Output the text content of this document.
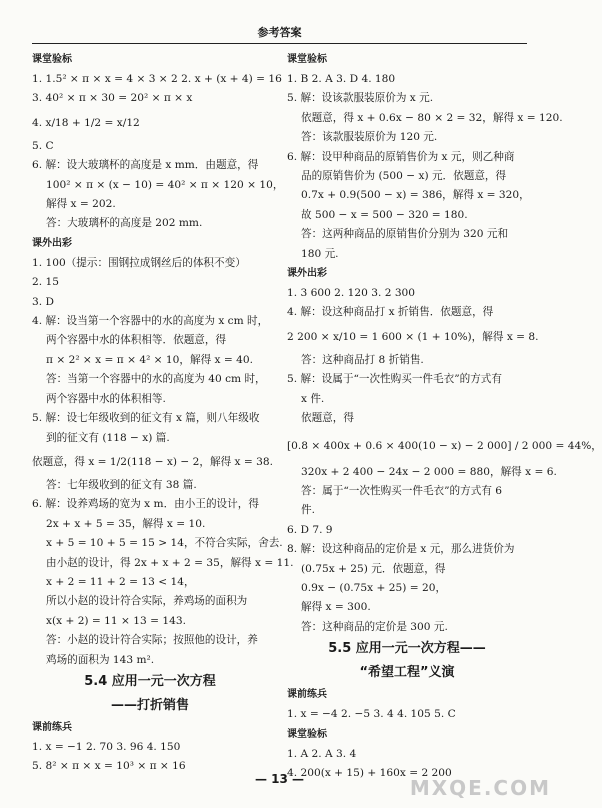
参考答案
课堂验标
1. 1.5² × π × x = 4 × 3 × 2 2. x + (x + 4) = 16
3. 40² × π × 30 = 20² × π × x
4. x/18 + 1/2 = x/12
5. C
6. 解：设大玻璃杯的高度是 x mm．由题意，得
100² × π × (x − 10) = 40² × π × 120 × 10，
解得 x = 202.
答：大玻璃杯的高度是 202 mm.
课外出彩
1. 100（提示：围钢拉成钢丝后的体积不变）
2. 15
3. D
4. 解：设当第一个容器中的水的高度为 x cm 时，
两个容器中水的体积相等．依题意，得
π × 2² × x = π × 4² × 10，解得 x = 40.
答：当第一个容器中的水的高度为 40 cm 时，
两个容器中水的体积相等.
5. 解：设七年级收到的征文有 x 篇，则八年级收
到的征文有 (118 − x) 篇.
依题意，得 x = 1/2(118 − x) − 2，解得 x = 38.
答：七年级收到的征文有 38 篇.
6. 解：设养鸡场的宽为 x m．由小王的设计，得
2x + x + 5 = 35，解得 x = 10.
x + 5 = 10 + 5 = 15 > 14，不符合实际，舍去.
由小赵的设计，得 2x + x + 2 = 35，解得 x = 11.
x + 2 = 11 + 2 = 13 < 14，
所以小赵的设计符合实际，养鸡场的面积为
x(x + 2) = 11 × 13 = 143.
答：小赵的设计符合实际；按照他的设计，养
鸡场的面积为 143 m².
5.4 应用一元一次方程
——打折销售
课前练兵
1. x = −1 2. 70 3. 96 4. 150
5. 8² × π × x = 10³ × π × 16
课堂验标
1. B 2. A 3. D 4. 180
5. 解：设该款服装原价为 x 元.
依题意，得 x + 0.6x − 80 × 2 = 32，解得 x = 120.
答：该款服装原价为 120 元.
6. 解：设甲种商品的原销售价为 x 元，则乙种商
品的原销售价为 (500 − x) 元．依题意，得
0.7x + 0.9(500 − x) = 386，解得 x = 320，
故 500 − x = 500 − 320 = 180.
答：这两种商品的原销售价分别为 320 元和
180 元.
课外出彩
1. 3 600 2. 120 3. 2 300
4. 解：设这种商品打 x 折销售．依题意，得
2 200 × x/10 = 1 600 × (1 + 10%)，解得 x = 8.
答：这种商品打 8 折销售.
5. 解：设属于“一次性购买一件毛衣”的方式有
x 件.
依题意，得
[0.8 × 400x + 0.6 × 400(10 − x) − 2 000] / 2 000 = 44%，
320x + 2 400 − 24x − 2 000 = 880，解得 x = 6.
答：属于“一次性购买一件毛衣”的方式有 6
件.
6. D 7. 9
8. 解：设这种商品的定价是 x 元，那么进货价为
(0.75x + 25) 元．依题意，得
0.9x − (0.75x + 25) = 20，
解得 x = 300.
答：这种商品的定价是 300 元.
5.5 应用一元一次方程——
“希望工程”义演
课前练兵
1. x = −4 2. −5 3. 4 4. 105 5. C
课堂验标
1. A 2. A 3. 4
4. 200(x + 15) + 160x = 2 200
— 13 —	MXQE.COM
